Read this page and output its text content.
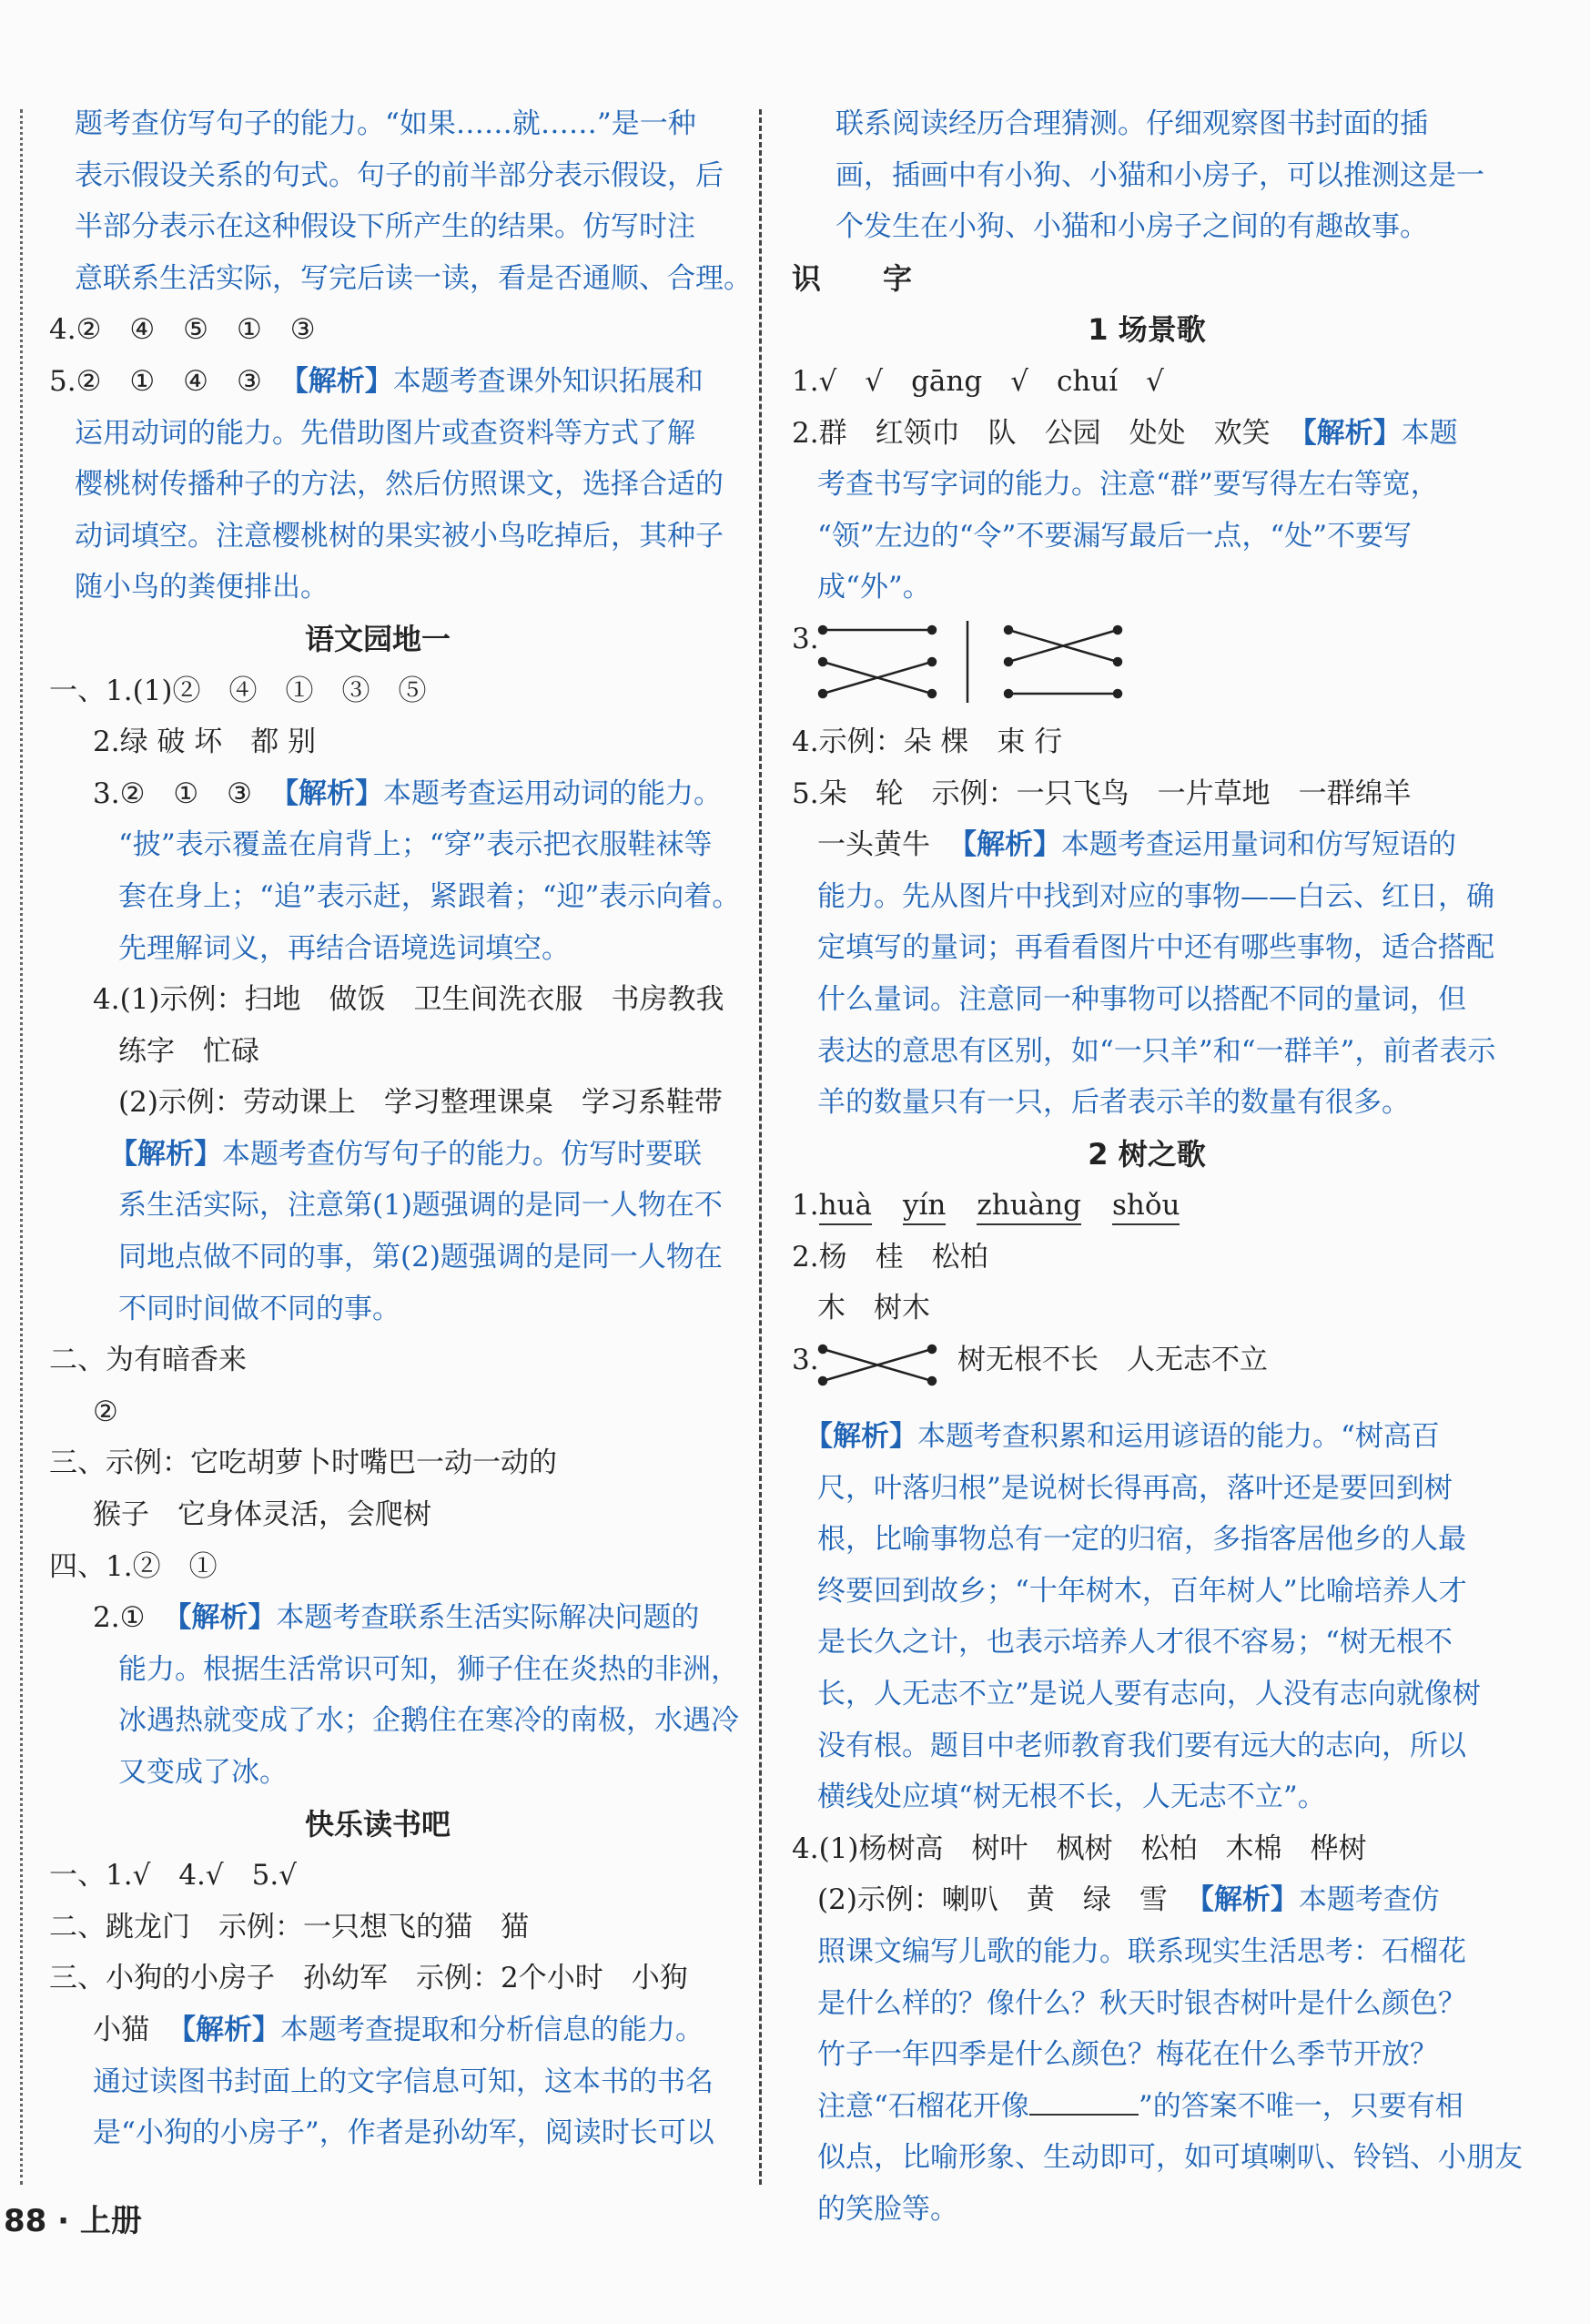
题考查仿写句子的能力。“如果……就……”是一种
表示假设关系的句式。句子的前半部分表示假设，后
半部分表示在这种假设下所产生的结果。仿写时注
意联系生活实际，写完后读一读，看是否通顺、合理。
4.②　④　⑤　①　③
5.②　①　④　③ 【解析】本题考查课外知识拓展和
运用动词的能力。先借助图片或查资料等方式了解
樱桃树传播种子的方法，然后仿照课文，选择合适的
动词填空。注意樱桃树的果实被小鸟吃掉后，其种子
随小鸟的粪便排出。
语文园地一
一、1.(1)②　④　①　③　⑤
2.绿 破 坏　都 别
3.②　①　③ 【解析】本题考查运用动词的能力。
“披”表示覆盖在肩背上；“穿”表示把衣服鞋袜等
套在身上；“追”表示赶，紧跟着；“迎”表示向着。
先理解词义，再结合语境选词填空。
4.(1)示例：扫地　做饭　卫生间洗衣服　书房教我
练字　忙碌
(2)示例：劳动课上　学习整理课桌　学习系鞋带
【解析】本题考查仿写句子的能力。仿写时要联
系生活实际，注意第(1)题强调的是同一人物在不
同地点做不同的事，第(2)题强调的是同一人物在
不同时间做不同的事。
二、为有暗香来
②
三、示例：它吃胡萝卜时嘴巴一动一动的
猴子　它身体灵活，会爬树
四、1.②　①
2.① 【解析】本题考查联系生活实际解决问题的
能力。根据生活常识可知，狮子住在炎热的非洲，
冰遇热就变成了水；企鹅住在寒冷的南极，水遇冷
又变成了冰。
快乐读书吧
一、1.√　4.√　5.√
二、跳龙门　示例：一只想飞的猫　猫
三、小狗的小房子　孙幼军　示例：2个小时　小狗
小猫 【解析】本题考查提取和分析信息的能力。
通过读图书封面上的文字信息可知，这本书的书名
是“小狗的小房子”，作者是孙幼军，阅读时长可以
联系阅读经历合理猜测。仔细观察图书封面的插
画，插画中有小狗、小猫和小房子，可以推测这是一
个发生在小狗、小猫和小房子之间的有趣故事。
识　字
1 场景歌
1.√　√　gāng　√　chuí　√
2.群　红领巾　队　公园　处处　欢笑 【解析】本题
考查书写字词的能力。注意“群”要写得左右等宽，
“领”左边的“令”不要漏写最后一点，“处”不要写
成“外”。
3.
4.示例：朵 棵　束 行
5.朵　轮　示例：一只飞鸟　一片草地　一群绵羊
一头黄牛 【解析】本题考查运用量词和仿写短语的
能力。先从图片中找到对应的事物——白云、红日，确
定填写的量词；再看看图片中还有哪些事物，适合搭配
什么量词。注意同一种事物可以搭配不同的量词，但
表达的意思有区别，如“一只羊”和“一群羊”，前者表示
羊的数量只有一只，后者表示羊的数量有很多。
2 树之歌
1.huà yín zhuàng shǒu
2.杨　桂　松柏
木　树木
3.	树无根不长　人无志不立
【解析】本题考查积累和运用谚语的能力。“树高百
尺，叶落归根”是说树长得再高，落叶还是要回到树
根，比喻事物总有一定的归宿，多指客居他乡的人最
终要回到故乡；“十年树木，百年树人”比喻培养人才
是长久之计，也表示培养人才很不容易；“树无根不
长，人无志不立”是说人要有志向，人没有志向就像树
没有根。题目中老师教育我们要有远大的志向，所以
横线处应填“树无根不长，人无志不立”。
4.(1)杨树高　树叶　枫树　松柏　木棉　桦树
(2)示例：喇叭　黄　绿　雪 【解析】本题考查仿
照课文编写儿歌的能力。联系现实生活思考：石榴花
是什么样的？像什么？秋天时银杏树叶是什么颜色？
竹子一年四季是什么颜色？梅花在什么季节开放？
注意“石榴花开像	”的答案不唯一，只要有相
似点，比喻形象、生动即可，如可填喇叭、铃铛、小朋友
的笑脸等。
88 · 上册
